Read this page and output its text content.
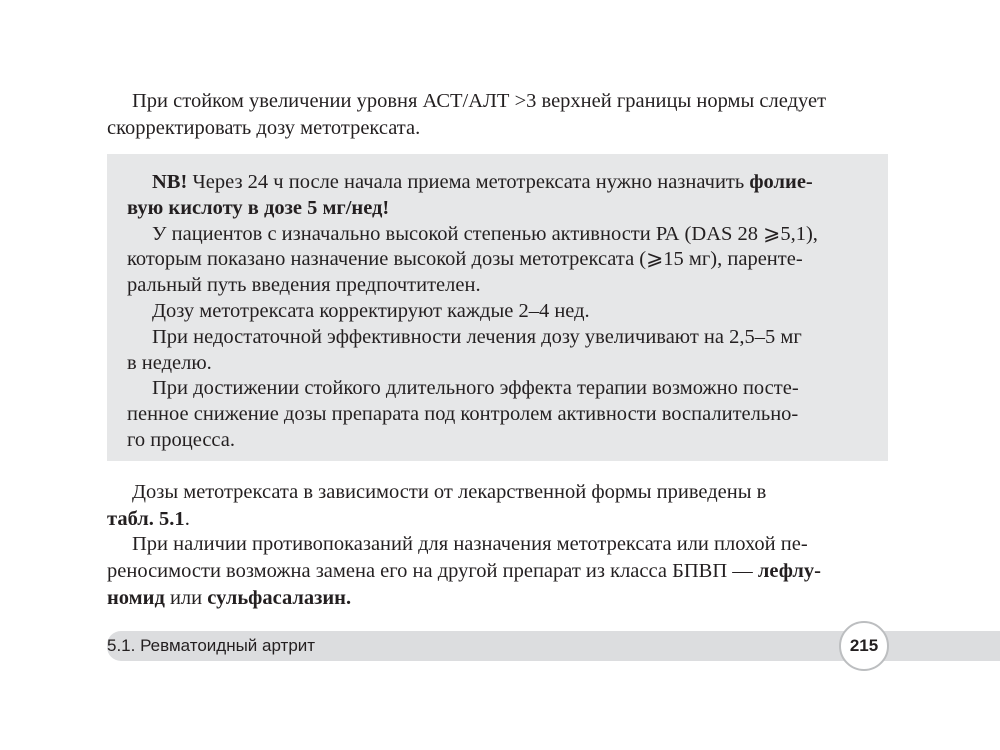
При стойком увеличении уровня АСТ/АЛТ >3 верхней границы нормы следует
скорректировать дозу метотрексата.
NB! Через 24 ч после начала приема метотрексата нужно назначить фолие-
вую кислоту в дозе 5 мг/нед!
У пациентов с изначально высокой степенью активности РА (DAS 28 ⩾5,1),
которым показано назначение высокой дозы метотрексата (⩾15 мг), паренте-
ральный путь введения предпочтителен.
Дозу метотрексата корректируют каждые 2–4 нед.
При недостаточной эффективности лечения дозу увеличивают на 2,5–5 мг
в неделю.
При достижении стойкого длительного эффекта терапии возможно посте-
пенное снижение дозы препарата под контролем активности воспалительно-
го процесса.
Дозы метотрексата в зависимости от лекарственной формы приведены в
табл. 5.1.
При наличии противопоказаний для назначения метотрексата или плохой пе-
реносимости возможна замена его на другой препарат из класса БПВП — лефлу-
номид или сульфасалазин.
5.1. Ревматоидный артрит	215
